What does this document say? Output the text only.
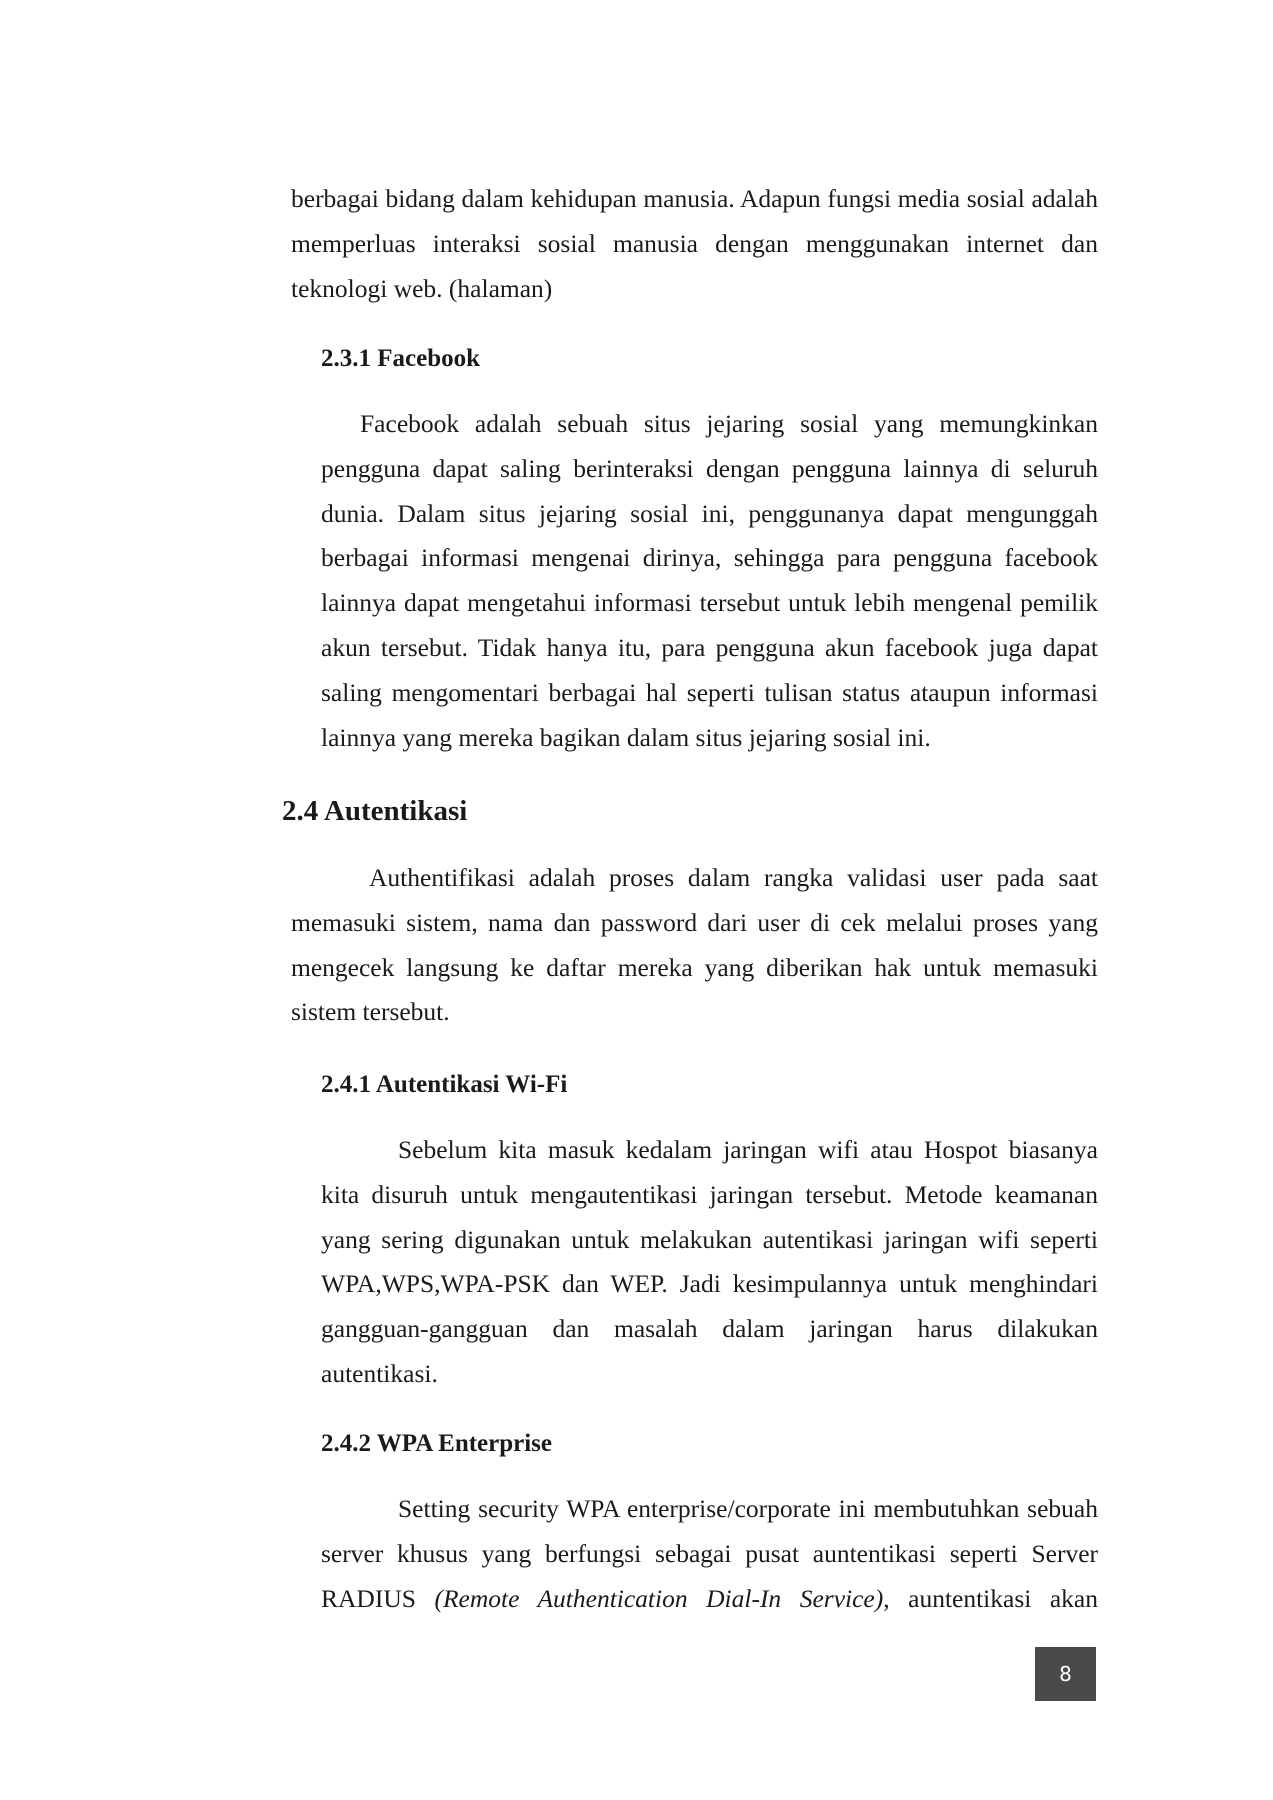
berbagai bidang dalam kehidupan manusia. Adapun fungsi media sosial adalah memperluas interaksi sosial manusia dengan menggunakan internet dan teknologi web. (halaman)

2.3.1 Facebook

Facebook adalah sebuah situs jejaring sosial yang memungkinkan pengguna dapat saling berinteraksi dengan pengguna lainnya di seluruh dunia. Dalam situs jejaring sosial ini, penggunanya dapat mengunggah berbagai informasi mengenai dirinya, sehingga para pengguna facebook lainnya dapat mengetahui informasi tersebut untuk lebih mengenal pemilik akun tersebut. Tidak hanya itu, para pengguna akun facebook juga dapat saling mengomentari berbagai hal seperti tulisan status ataupun informasi lainnya yang mereka bagikan dalam situs jejaring sosial ini.

2.4 Autentikasi

Authentifikasi adalah proses dalam rangka validasi user pada saat memasuki sistem, nama dan password dari user di cek melalui proses yang mengecek langsung ke daftar mereka yang diberikan hak untuk memasuki sistem tersebut.

2.4.1 Autentikasi Wi-Fi

Sebelum kita masuk kedalam jaringan wifi atau Hospot biasanya kita disuruh untuk mengautentikasi jaringan tersebut. Metode keamanan yang sering digunakan untuk melakukan autentikasi jaringan wifi seperti WPA,WPS,WPA-PSK dan WEP. Jadi kesimpulannya untuk menghindari gangguan-gangguan dan masalah dalam jaringan harus dilakukan autentikasi.

2.4.2 WPA Enterprise

Setting security WPA enterprise/corporate ini membutuhkan sebuah server khusus yang berfungsi sebagai pusat auntentikasi seperti Server RADIUS (Remote Authentication Dial-In Service), auntentikasi akan

8
